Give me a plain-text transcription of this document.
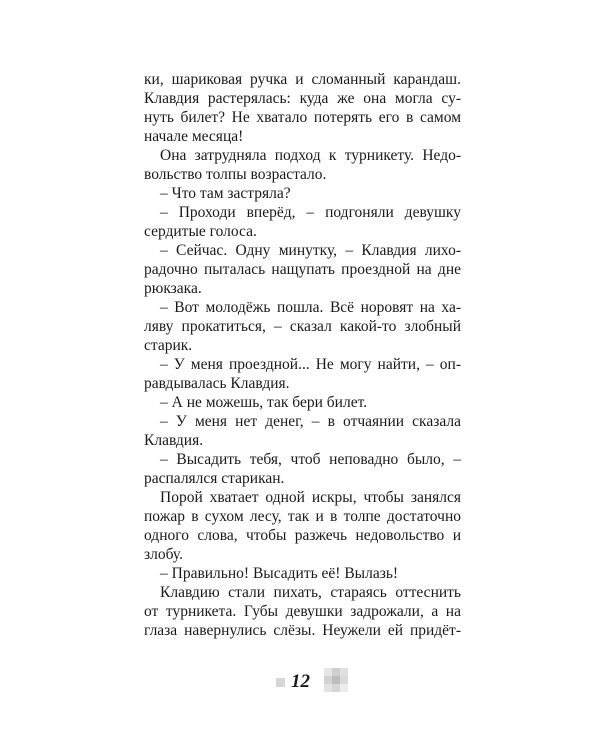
ки, шариковая ручка и сломанный карандаш.
Клавдия растерялась: куда же она могла су-
нуть билет? Не хватало потерять его в самом
начале месяца!
Она затрудняла подход к турникету. Недо-
вольство толпы возрастало.
– Что там застряла?
– Проходи вперёд, – подгоняли девушку
сердитые голоса.
– Сейчас. Одну минутку, – Клавдия лихо-
радочно пыталась нащупать проездной на дне
рюкзака.
– Вот молодёжь пошла. Всё норовят на ха-
ляву прокатиться, – сказал какой-то злобный
старик.
– У меня проездной... Не могу найти, – оп-
равдывалась Клавдия.
– А не можешь, так бери билет.
– У меня нет денег, – в отчаянии сказала
Клавдия.
– Высадить тебя, чтоб неповадно было, –
распалялся старикан.
Порой хватает одной искры, чтобы занялся
пожар в сухом лесу, так и в толпе достаточно
одного слова, чтобы разжечь недовольство и
злобу.
– Правильно! Высадить её! Вылазь!
Клавдию стали пихать, стараясь оттеснить
от турникета. Губы девушки задрожали, а на
глаза навернулись слёзы. Неужели ей придёт-
12
